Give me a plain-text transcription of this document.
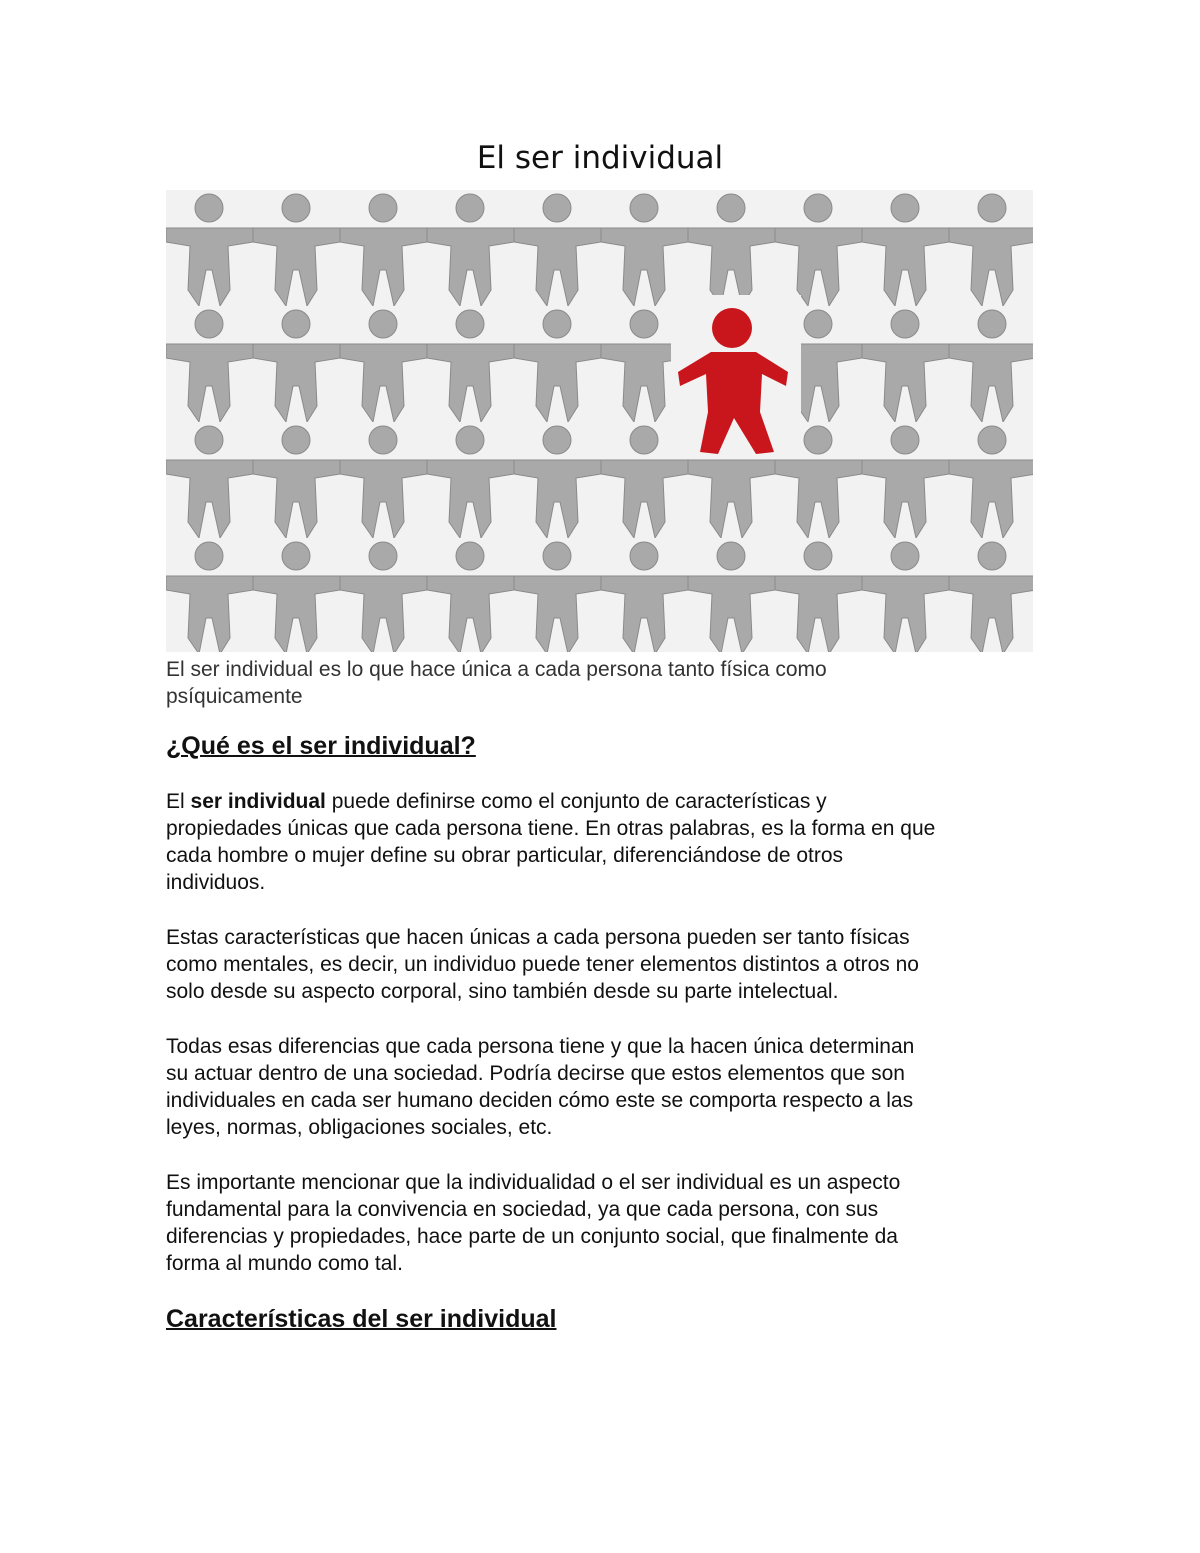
El ser individual
El ser individual es lo que hace única a cada persona tanto física como
psíquicamente
¿Qué es el ser individual?
El ser individual puede definirse como el conjunto de características y
propiedades únicas que cada persona tiene. En otras palabras, es la forma en que
cada hombre o mujer define su obrar particular, diferenciándose de otros
individuos.
Estas características que hacen únicas a cada persona pueden ser tanto físicas
como mentales, es decir, un individuo puede tener elementos distintos a otros no
solo desde su aspecto corporal, sino también desde su parte intelectual.
Todas esas diferencias que cada persona tiene y que la hacen única determinan
su actuar dentro de una sociedad. Podría decirse que estos elementos que son
individuales en cada ser humano deciden cómo este se comporta respecto a las
leyes, normas, obligaciones sociales, etc.
Es importante mencionar que la individualidad o el ser individual es un aspecto
fundamental para la convivencia en sociedad, ya que cada persona, con sus
diferencias y propiedades, hace parte de un conjunto social, que finalmente da
forma al mundo como tal.
Características del ser individual
